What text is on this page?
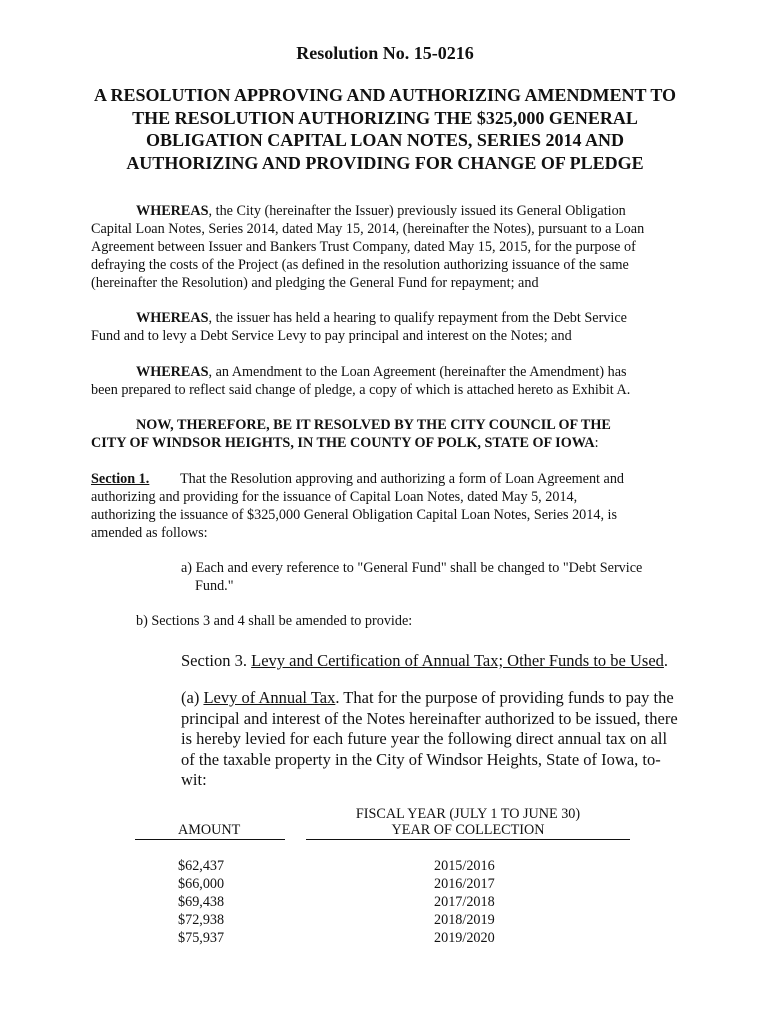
Resolution No. 15-0216
A RESOLUTION APPROVING AND AUTHORIZING AMENDMENT TO
THE RESOLUTION AUTHORIZING THE $325,000 GENERAL
OBLIGATION CAPITAL LOAN NOTES, SERIES 2014 AND
AUTHORIZING AND PROVIDING FOR CHANGE OF PLEDGE
WHEREAS, the City (hereinafter the Issuer) previously issued its General Obligation
Capital Loan Notes, Series 2014, dated May 15, 2014, (hereinafter the Notes), pursuant to a Loan
Agreement between Issuer and Bankers Trust Company, dated May 15, 2015, for the purpose of
defraying the costs of the Project (as defined in the resolution authorizing issuance of the same
(hereinafter the Resolution) and pledging the General Fund for repayment; and
WHEREAS, the issuer has held a hearing to qualify repayment from the Debt Service
Fund and to levy a Debt Service Levy to pay principal and interest on the Notes; and
WHEREAS, an Amendment to the Loan Agreement (hereinafter the Amendment) has
been prepared to reflect said change of pledge, a copy of which is attached hereto as Exhibit A.
NOW, THEREFORE, BE IT RESOLVED BY THE CITY COUNCIL OF THE
CITY OF WINDSOR HEIGHTS, IN THE COUNTY OF POLK, STATE OF IOWA:
Section 1. That the Resolution approving and authorizing a form of Loan Agreement and
authorizing and providing for the issuance of Capital Loan Notes, dated May 5, 2014,
authorizing the issuance of $325,000 General Obligation Capital Loan Notes, Series 2014, is
amended as follows:
a) Each and every reference to "General Fund" shall be changed to "Debt Service
Fund."
b) Sections 3 and 4 shall be amended to provide:
Section 3. Levy and Certification of Annual Tax; Other Funds to be Used.
(a) Levy of Annual Tax. That for the purpose of providing funds to pay the
principal and interest of the Notes hereinafter authorized to be issued, there
is hereby levied for each future year the following direct annual tax on all
of the taxable property in the City of Windsor Heights, State of Iowa, to-
wit:
FISCAL YEAR (JULY 1 TO JUNE 30)
AMOUNT	YEAR OF COLLECTION
$62,437	2015/2016
$66,000	2016/2017
$69,438	2017/2018
$72,938	2018/2019
$75,937	2019/2020
